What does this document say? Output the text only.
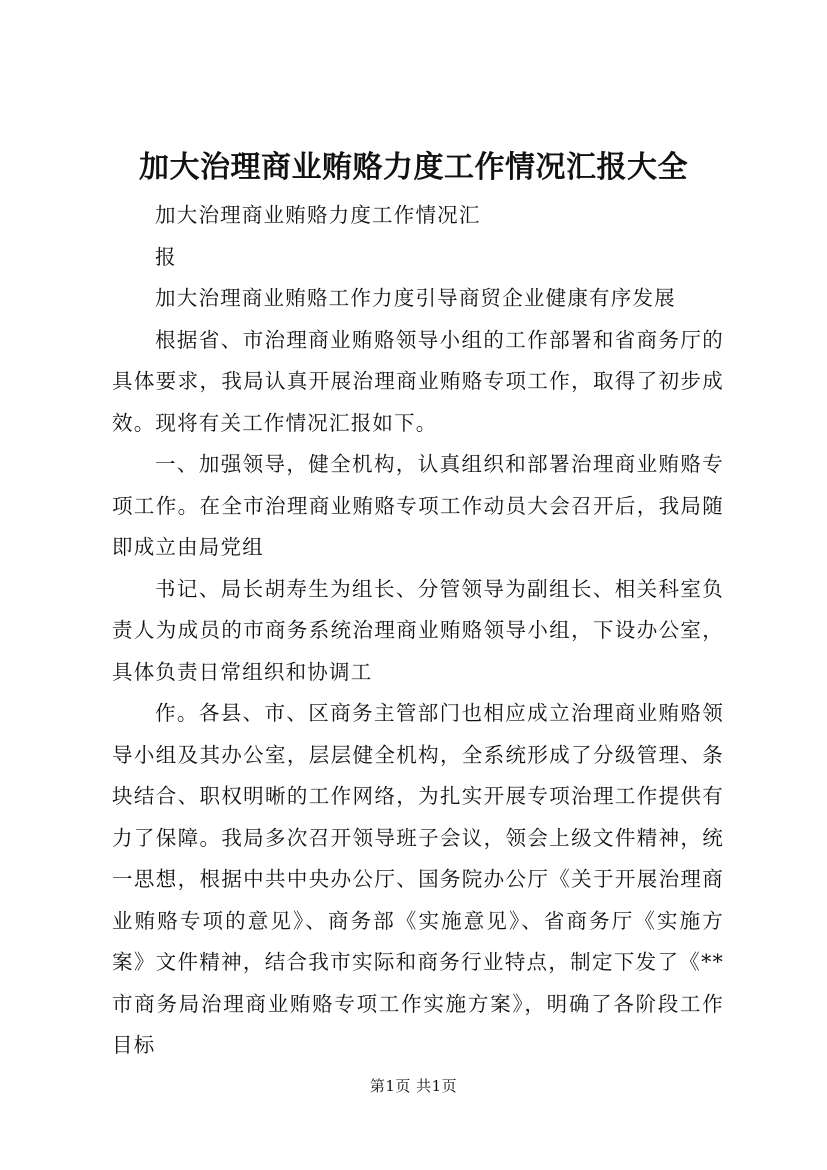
加大治理商业贿赂力度工作情况汇报大全

加大治理商业贿赂力度工作情况汇

报

加大治理商业贿赂工作力度引导商贸企业健康有序发展

根据省、市治理商业贿赂领导小组的工作部署和省商务厅的具体要求，我局认真开展治理商业贿赂专项工作，取得了初步成效。现将有关工作情况汇报如下。

一、加强领导，健全机构，认真组织和部署治理商业贿赂专项工作。在全市治理商业贿赂专项工作动员大会召开后，我局随即成立由局党组

书记、局长胡寿生为组长、分管领导为副组长、相关科室负责人为成员的市商务系统治理商业贿赂领导小组，下设办公室，具体负责日常组织和协调工

作。各县、市、区商务主管部门也相应成立治理商业贿赂领导小组及其办公室，层层健全机构，全系统形成了分级管理、条块结合、职权明晰的工作网络，为扎实开展专项治理工作提供有力了保障。我局多次召开领导班子会议，领会上级文件精神，统一思想，根据中共中央办公厅、国务院办公厅《关于开展治理商业贿赂专项的意见》、商务部《实施意见》、省商务厅《实施方案》文件精神，结合我市实际和商务行业特点，制定下发了《**市商务局治理商业贿赂专项工作实施方案》，明确了各阶段工作目标

第1页 共1页
